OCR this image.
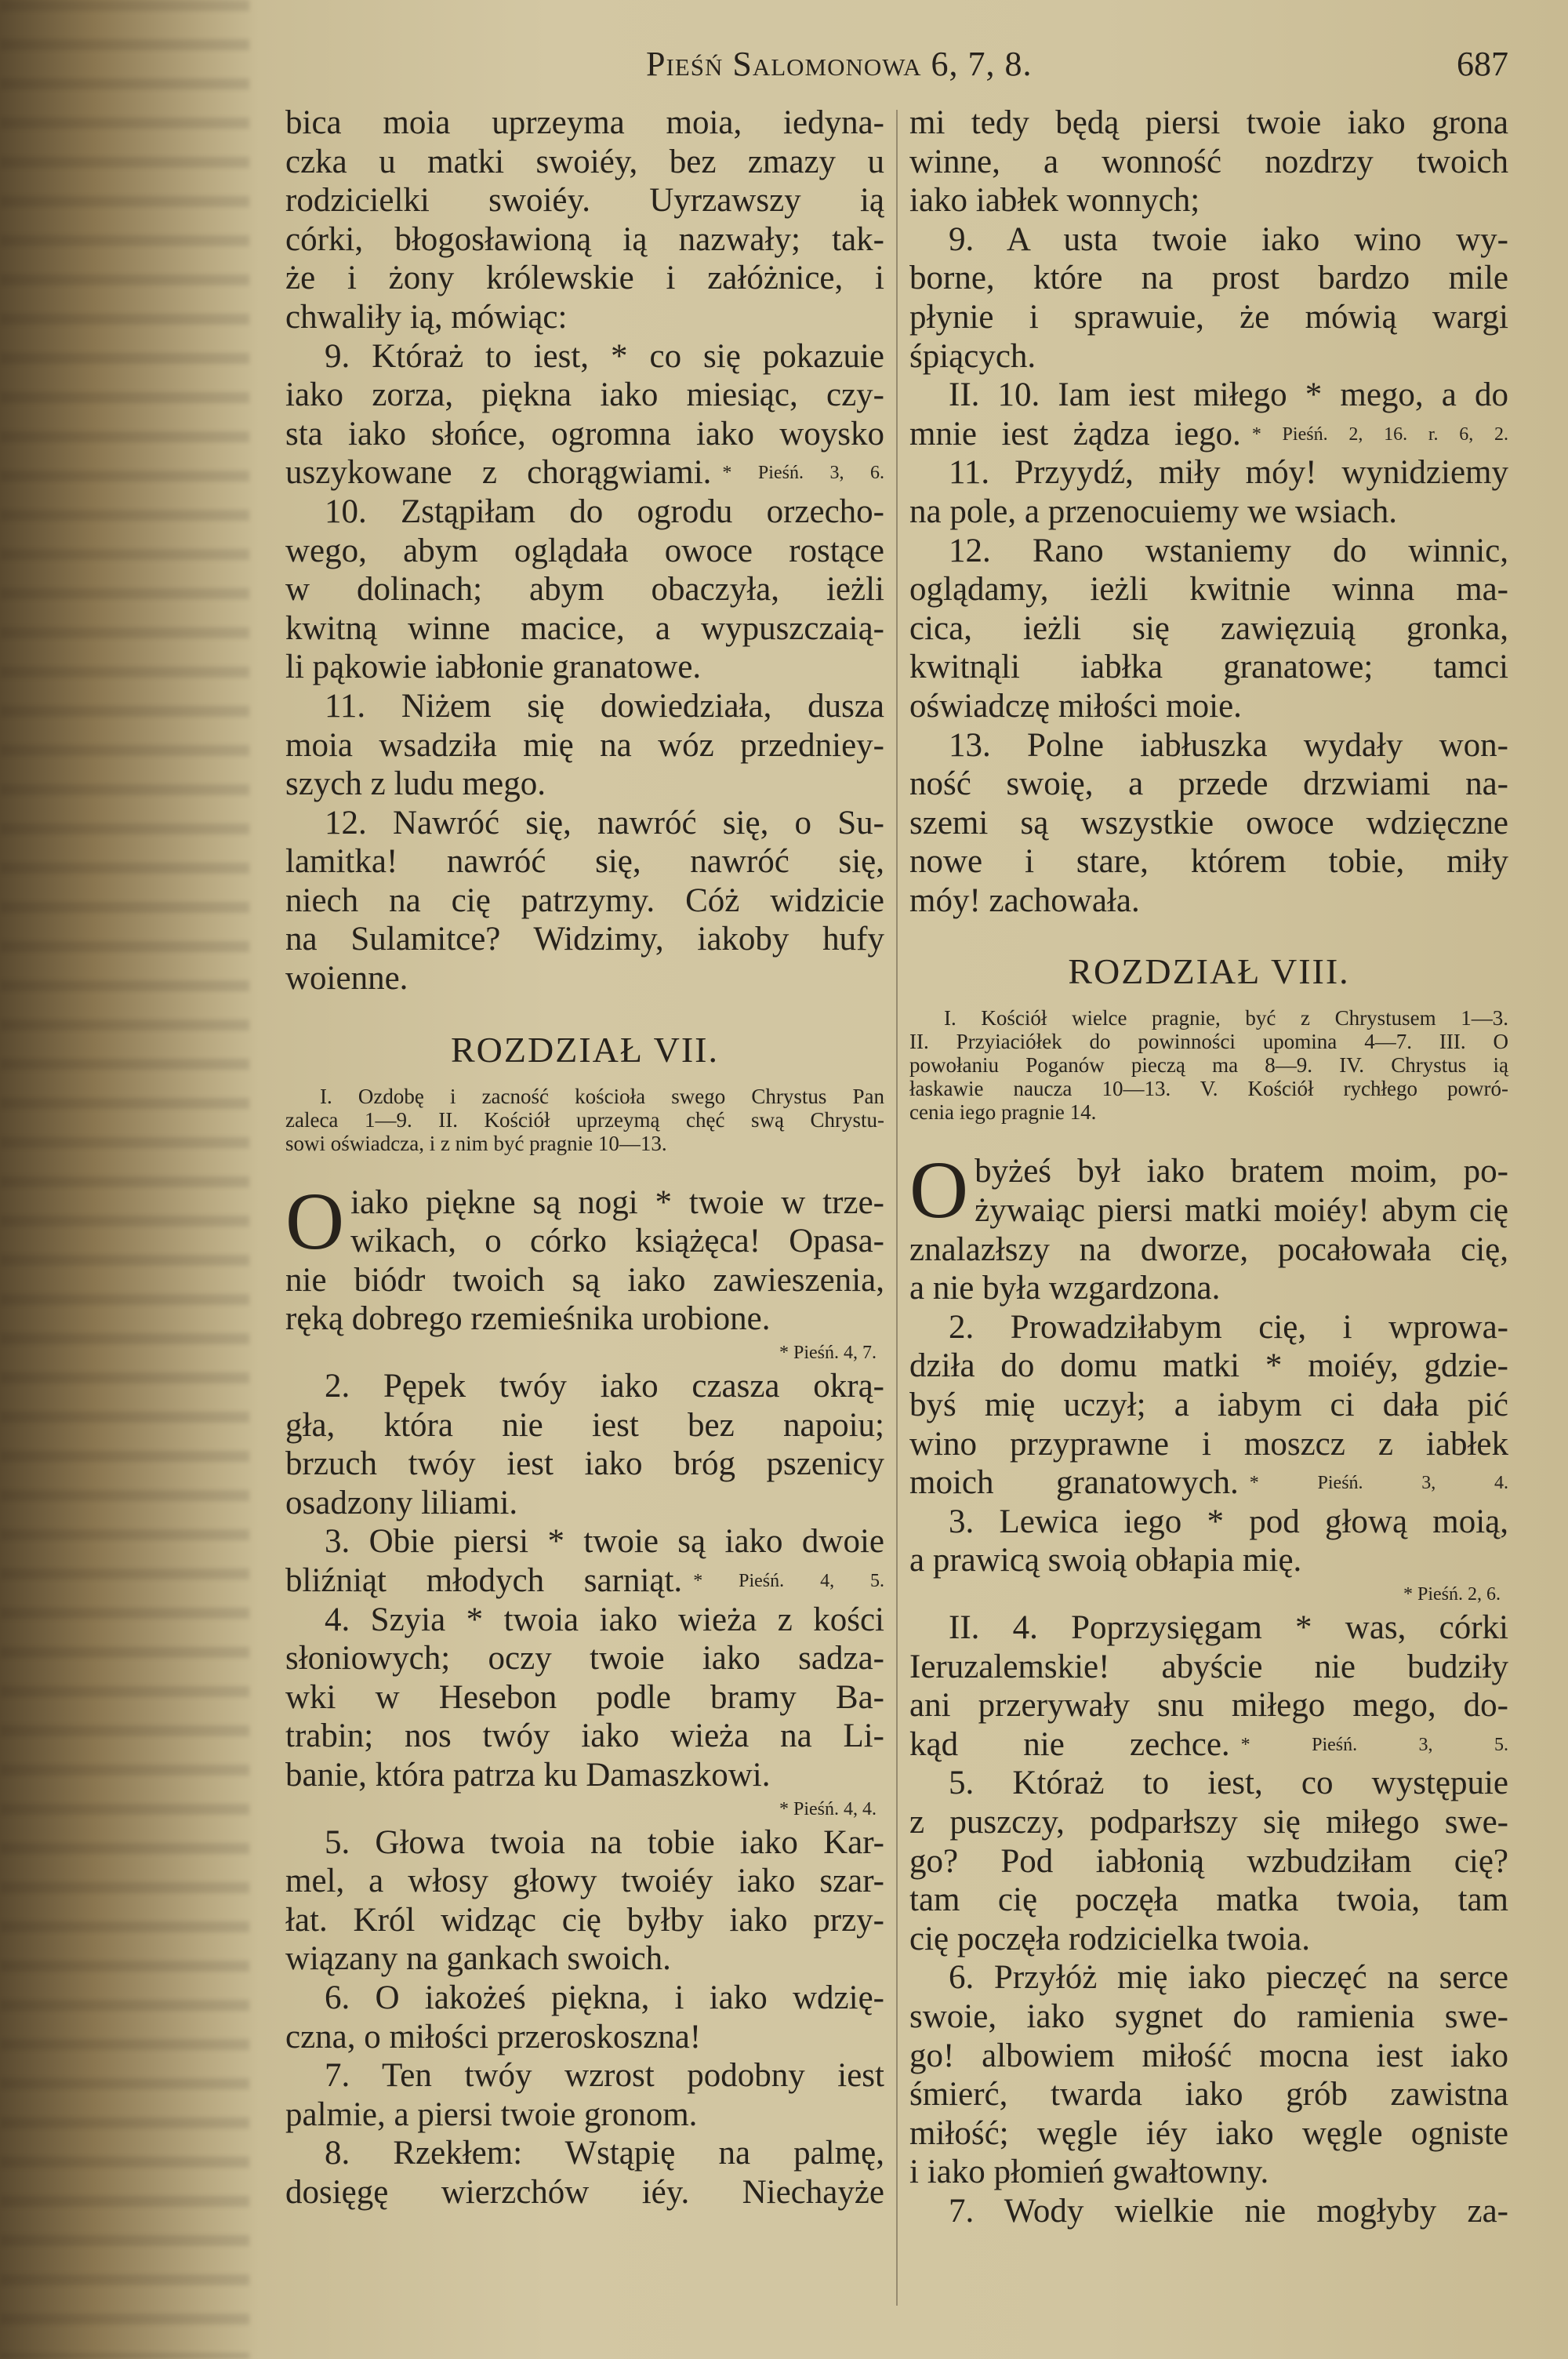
Pieśń Salomonowa 6, 7, 8.	687
bica moia uprzeyma moia, iedyna-
czka u matki swoiéy, bez zmazy u
rodzicielki swoiéy. Uyrzawszy ią
córki, błogosławioną ią nazwały; tak-
że i żony królewskie i załóżnice, i
chwaliły ią, mówiąc:
9. Któraż to iest, * co się pokazuie
iako zorza, piękna iako miesiąc, czy-
sta iako słońce, ogromna iako woysko
uszykowane z chorągwiami. * Pieśń. 3, 6.
10. Zstąpiłam do ogrodu orzecho-
wego, abym oglądała owoce rostące
w dolinach; abym obaczyła, ieżli
kwitną winne macice, a wypuszczaią-
li pąkowie iabłonie granatowe.
11. Niżem się dowiedziała, dusza
moia wsadziła mię na wóz przedniey-
szych z ludu mego.
12. Nawróć się, nawróć się, o Su-
lamitka! nawróć się, nawróć się,
niech na cię patrzymy. Cóż widzicie
na Sulamitce? Widzimy, iakoby hufy
woienne.
ROZDZIAŁ VII.
I. Ozdobę i zacność kościoła swego Chrystus Pan
zaleca 1—9. II. Kościół uprzeymą chęć swą Chrystu-
sowi oświadcza, i z nim być pragnie 10—13.
O iako piękne są nogi * twoie w trze-
wikach, o córko książęca! Opasa-
nie biódr twoich są iako zawieszenia,
ręką dobrego rzemieśnika urobione.
* Pieśń. 4, 7.
2. Pępek twóy iako czasza okrą-
gła, która nie iest bez napoiu;
brzuch twóy iest iako bróg pszenicy
osadzony liliami.
3. Obie piersi * twoie są iako dwoie
bliźniąt młodych sarniąt. * Pieśń. 4, 5.
4. Szyia * twoia iako wieża z kości
słoniowych; oczy twoie iako sadza-
wki w Hesebon podle bramy Ba-
trabin; nos twóy iako wieża na Li-
banie, która patrza ku Damaszkowi.
* Pieśń. 4, 4.
5. Głowa twoia na tobie iako Kar-
mel, a włosy głowy twoiéy iako szar-
łat. Król widząc cię byłby iako przy-
wiązany na gankach swoich.
6. O iakożeś piękna, i iako wdzię-
czna, o miłości przeroskoszna!
7. Ten twóy wzrost podobny iest
palmie, a piersi twoie gronom.
8. Rzekłem: Wstąpię na palmę,
dosięgę wierzchów iéy. Niechayże
mi tedy będą piersi twoie iako grona
winne, a wonność nozdrzy twoich
iako iabłek wonnych;
9. A usta twoie iako wino wy-
borne, które na prost bardzo mile
płynie i sprawuie, że mówią wargi
śpiących.
II. 10. Iam iest miłego * mego, a do
mnie iest żądza iego. * Pieśń. 2, 16. r. 6, 2.
11. Przyydź, miły móy! wynidziemy
na pole, a przenocuiemy we wsiach.
12. Rano wstaniemy do winnic,
oglądamy, ieżli kwitnie winna ma-
cica, ieżli się zawięzuią gronka,
kwitnąli iabłka granatowe; tamci
oświadczę miłości moie.
13. Polne iabłuszka wydały won-
ność swoię, a przede drzwiami na-
szemi są wszystkie owoce wdzięczne
nowe i stare, którem tobie, miły
móy! zachowała.
ROZDZIAŁ VIII.
I. Kościół wielce pragnie, być z Chrystusem 1—3.
II. Przyiaciółek do powinności upomina 4—7. III. O
powołaniu Poganów pieczą ma 8—9. IV. Chrystus ią
łaskawie naucza 10—13. V. Kościół rychłego powró-
cenia iego pragnie 14.
O byżeś był iako bratem moim, po-
żywaiąc piersi matki moiéy! abym cię
znalazłszy na dworze, pocałowała cię,
a nie była wzgardzona.
2. Prowadziłabym cię, i wprowa-
dziła do domu matki * moiéy, gdzie-
byś mię uczył; a iabym ci dała pić
wino przyprawne i moszcz z iabłek
moich granatowych. * Pieśń. 3, 4.
3. Lewica iego * pod głową moią,
a prawicą swoią obłapia mię.
* Pieśń. 2, 6.
II. 4. Poprzysięgam * was, córki
Ieruzalemskie! abyście nie budziły
ani przerywały snu miłego mego, do-
kąd nie zechce. * Pieśń. 3, 5.
5. Któraż to iest, co występuie
z puszczy, podparłszy się miłego swe-
go? Pod iabłonią wzbudziłam cię?
tam cię poczęła matka twoia, tam
cię poczęła rodzicielka twoia.
6. Przyłóż mię iako pieczęć na serce
swoie, iako sygnet do ramienia swe-
go! albowiem miłość mocna iest iako
śmierć, twarda iako grób zawistna
miłość; węgle iéy iako węgle ogniste
i iako płomień gwałtowny.
7. Wody wielkie nie mogłyby za-
